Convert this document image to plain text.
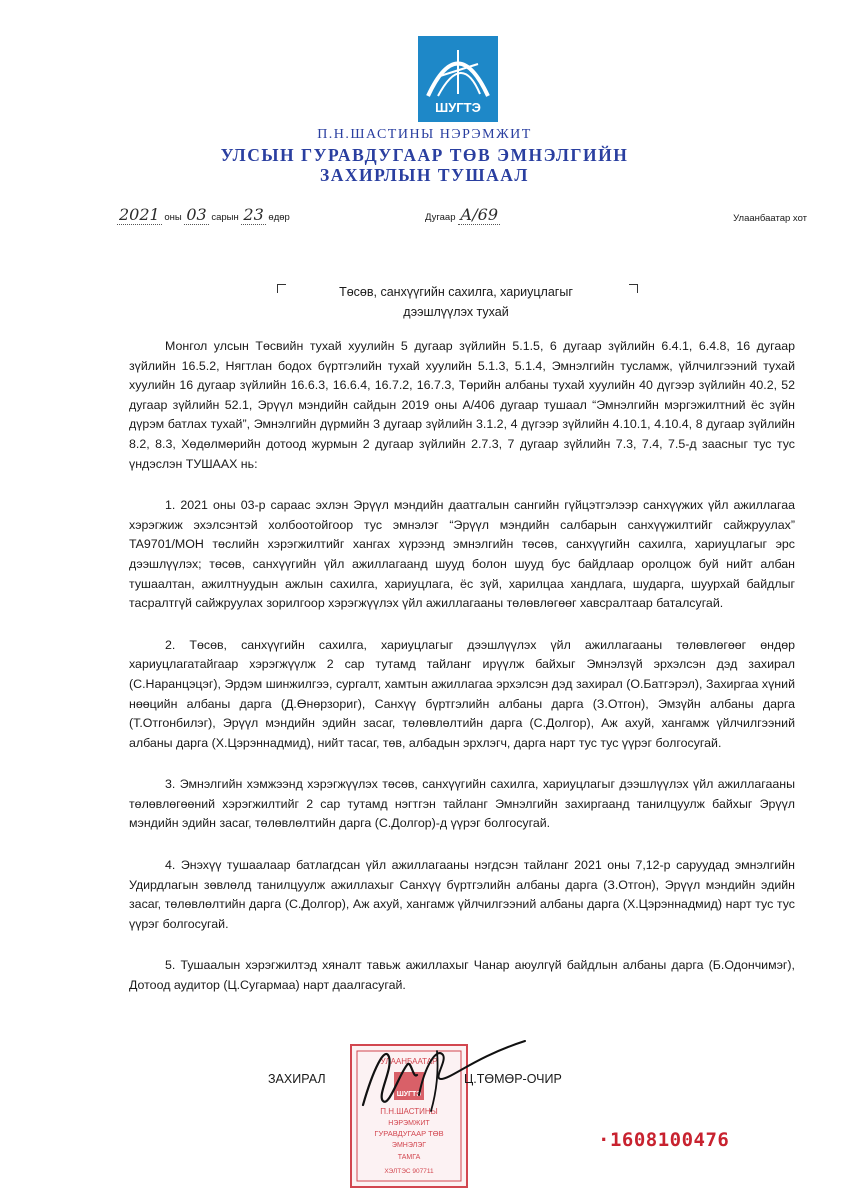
ШУГТЭ
П.Н.ШАСТИНЫ НЭРЭМЖИТ
УЛСЫН ГУРАВДУГААР ТӨВ ЭМНЭЛГИЙН
ЗАХИРЛЫН ТУШААЛ
2021 оны 03 сарын 23 өдөр	Дугаар А/69	Улаанбаатар хот
Төсөв, санхүүгийн сахилга, хариуцлагыг
дээшлүүлэх тухай

Монгол улсын Төсвийн тухай хуулийн 5 дугаар зүйлийн 5.1.5, 6 дугаар зүйлийн 6.4.1, 6.4.8, 16 дугаар зүйлийн 16.5.2, Нягтлан бодох бүртгэлийн тухай хуулийн 5.1.3, 5.1.4, Эмнэлгийн тусламж, үйлчилгээний тухай хуулийн 16 дугаар зүйлийн 16.6.3, 16.6.4, 16.7.2, 16.7.3, Төрийн албаны тухай хуулийн 40 дүгээр зүйлийн 40.2, 52 дугаар зүйлийн 52.1, Эрүүл мэндийн сайдын 2019 оны А/406 дугаар тушаал “Эмнэлгийн мэргэжилтний ёс зүйн дүрэм батлах тухай”, Эмнэлгийн дүрмийн 3 дугаар зүйлийн 3.1.2, 4 дүгээр зүйлийн 4.10.1, 4.10.4, 8 дугаар зүйлийн 8.2, 8.3, Хөдөлмөрийн дотоод журмын 2 дугаар зүйлийн 2.7.3, 7 дугаар зүйлийн 7.3, 7.4, 7.5-д заасныг тус тус үндэслэн ТУШААХ нь:

1. 2021 оны 03-р сараас эхлэн Эрүүл мэндийн даатгалын сангийн гүйцэтгэлээр санхүүжих үйл ажиллагаа хэрэгжиж эхэлсэнтэй холбоотойгоор тус эмнэлэг “Эрүүл мэндийн салбарын санхүүжилтийг сайжруулах” TA9701/MOH төслийн хэрэгжилтийг хангах хүрээнд эмнэлгийн төсөв, санхүүгийн сахилга, хариуцлагыг эрс дээшлүүлэх; төсөв, санхүүгийн үйл ажиллагаанд шууд болон шууд бус байдлаар оролцож буй нийт албан тушаалтан, ажилтнуудын ажлын сахилга, хариуцлага, ёс зүй, харилцаа хандлага, шударга, шуурхай байдлыг тасралтгүй сайжруулах зорилгоор хэрэгжүүлэх үйл ажиллагааны төлөвлөгөөг хавсралтаар баталсугай.

2. Төсөв, санхүүгийн сахилга, хариуцлагыг дээшлүүлэх үйл ажиллагааны төлөвлөгөөг өндөр хариуцлагатайгаар хэрэгжүүлж 2 сар тутамд тайланг ирүүлж байхыг Эмнэлзүй эрхэлсэн дэд захирал (С.Наранцэцэг), Эрдэм шинжилгээ, сургалт, хамтын ажиллагаа эрхэлсэн дэд захирал (О.Батгэрэл), Захиргаа хүний нөөцийн албаны дарга (Д.Өнөрзориг), Санхүү бүртгэлийн албаны дарга (З.Отгон), Эмзүйн албаны дарга (Т.Отгонбилэг), Эрүүл мэндийн эдийн засаг, төлөвлөлтийн дарга (С.Долгор), Аж ахуй, хангамж үйлчилгээний албаны дарга (Х.Цэрэннадмид), нийт тасаг, төв, албадын эрхлэгч, дарга нарт тус тус үүрэг болгосугай.

3. Эмнэлгийн хэмжээнд хэрэгжүүлэх төсөв, санхүүгийн сахилга, хариуцлагыг дээшлүүлэх үйл ажиллагааны төлөвлөгөөний хэрэгжилтийг 2 сар тутамд нэгтгэн тайланг Эмнэлгийн захиргаанд танилцуулж байхыг Эрүүл мэндийн эдийн засаг, төлөвлөлтийн дарга (С.Долгор)-д үүрэг болгосугай.

4. Энэхүү тушаалаар батлагдсан үйл ажиллагааны нэгдсэн тайланг 2021 оны 7,12-р саруудад эмнэлгийн Удирдлагын зөвлөлд танилцуулж ажиллахыг Санхүү бүртгэлийн албаны дарга (З.Отгон), Эрүүл мэндийн эдийн засаг, төлөвлөлтийн дарга (С.Долгор), Аж ахуй, хангамж үйлчилгээний албаны дарга (Х.Цэрэннадмид) нарт тус тус үүрэг болгосугай.

5. Тушаалын хэрэгжилтэд хяналт тавьж ажиллахыг Чанар аюулгүй байдлын албаны дарга (Б.Одончимэг), Дотоод аудитор (Ц.Сугармаа) нарт даалгасугай.

УЛААНБААТАР
ШУГТЭ
П.Н.ШАСТИНЫ
НЭРЭМЖИТ
ГУРАВДУГААР ТӨВ
ЭМНЭЛЭГ
ТАМГА
ХЭЛТЭС 907711
ЗАХИРАЛ	Ц.ТӨМӨР-ОЧИР
·1608100476
